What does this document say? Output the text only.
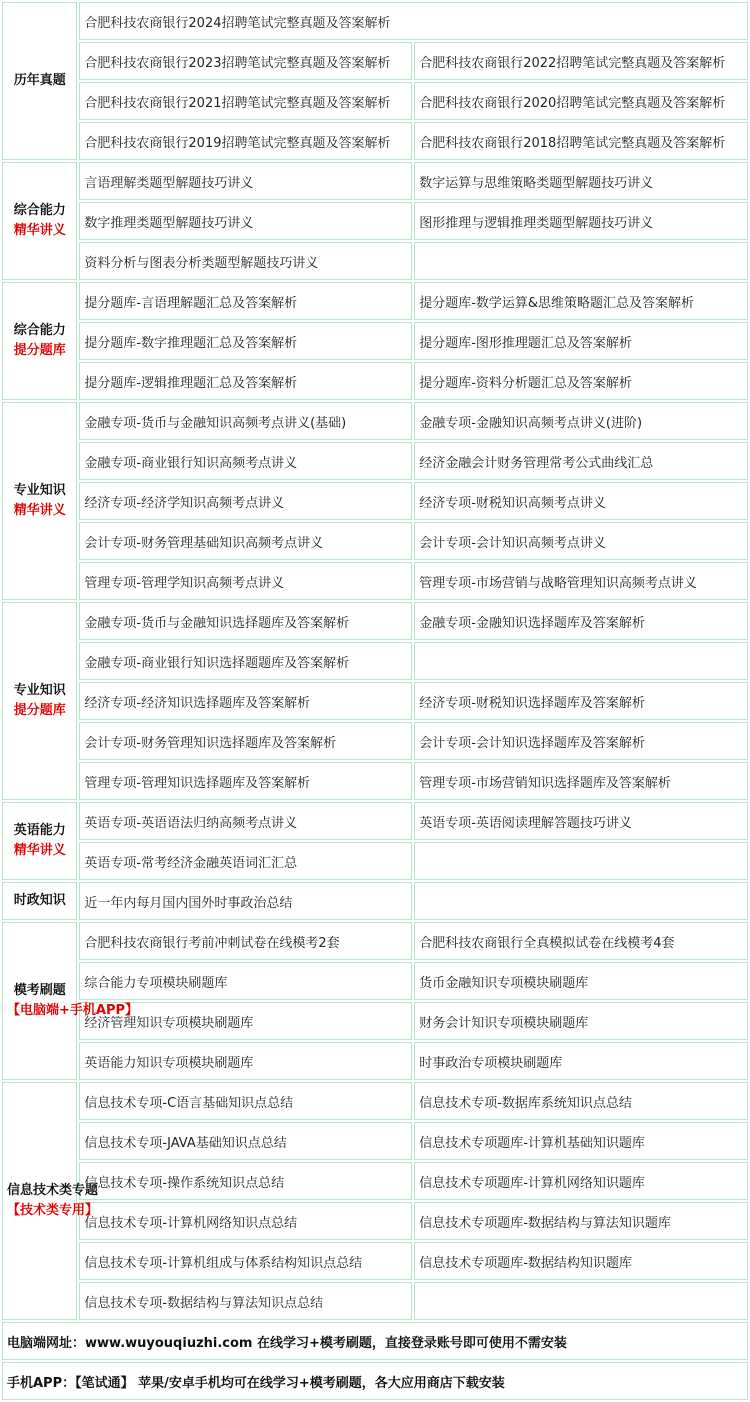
历年真题	合肥科技农商银行2024招聘笔试完整真题及答案解析	
	合肥科技农商银行2023招聘笔试完整真题及答案解析	合肥科技农商银行2022招聘笔试完整真题及答案解析
	合肥科技农商银行2021招聘笔试完整真题及答案解析	合肥科技农商银行2020招聘笔试完整真题及答案解析
	合肥科技农商银行2019招聘笔试完整真题及答案解析	合肥科技农商银行2018招聘笔试完整真题及答案解析

综合能力
精华讲义	言语理解类题型解题技巧讲义	数字运算与思维策略类题型解题技巧讲义
	数字推理类题型解题技巧讲义	图形推理与逻辑推理类题型解题技巧讲义
	资料分析与图表分析类题型解题技巧讲义	

综合能力
提分题库	提分题库-言语理解题汇总及答案解析	提分题库-数学运算&思维策略题汇总及答案解析
	提分题库-数字推理题汇总及答案解析	提分题库-图形推理题汇总及答案解析
	提分题库-逻辑推理题汇总及答案解析	提分题库-资料分析题汇总及答案解析

专业知识
精华讲义	金融专项-货币与金融知识高频考点讲义(基础)	金融专项-金融知识高频考点讲义(进阶)
	金融专项-商业银行知识高频考点讲义	经济金融会计财务管理常考公式曲线汇总
	经济专项-经济学知识高频考点讲义	经济专项-财税知识高频考点讲义
	会计专项-财务管理基础知识高频考点讲义	会计专项-会计知识高频考点讲义
	管理专项-管理学知识高频考点讲义	管理专项-市场营销与战略管理知识高频考点讲义

专业知识
提分题库	金融专项-货币与金融知识选择题库及答案解析	金融专项-金融知识选择题库及答案解析
	金融专项-商业银行知识选择题题库及答案解析	
	经济专项-经济知识选择题库及答案解析	经济专项-财税知识选择题库及答案解析
	会计专项-财务管理知识选择题库及答案解析	会计专项-会计知识选择题库及答案解析
	管理专项-管理知识选择题库及答案解析	管理专项-市场营销知识选择题库及答案解析

英语能力
精华讲义	英语专项-英语语法归纳高频考点讲义	英语专项-英语阅读理解答题技巧讲义
	英语专项-常考经济金融英语词汇汇总	

时政知识	近一年内每月国内国外时事政治总结	

模考刷题
【电脑端+手机APP】	合肥科技农商银行考前冲刺试卷在线模考2套	合肥科技农商银行全真模拟试卷在线模考4套
	综合能力专项模块刷题库	货币金融知识专项模块刷题库
	经济管理知识专项模块刷题库	财务会计知识专项模块刷题库
	英语能力知识专项模块刷题库	时事政治专项模块刷题库

信息技术类专题
【技术类专用】	信息技术专项-C语言基础知识点总结	信息技术专项-数据库系统知识点总结
	信息技术专项-JAVA基础知识点总结	信息技术专项题库-计算机基础知识题库
	信息技术专项-操作系统知识点总结	信息技术专项题库-计算机网络知识题库
	信息技术专项-计算机网络知识点总结	信息技术专项题库-数据结构与算法知识题库
	信息技术专项-计算机组成与体系结构知识点总结	信息技术专项题库-数据结构知识题库
	信息技术专项-数据结构与算法知识点总结	
电脑端网址：www.wuyouqiuzhi.com 在线学习+模考刷题，直接登录账号即可使用不需安装		
手机APP：【笔试通】 苹果/安卓手机均可在线学习+模考刷题，各大应用商店下载安装		
